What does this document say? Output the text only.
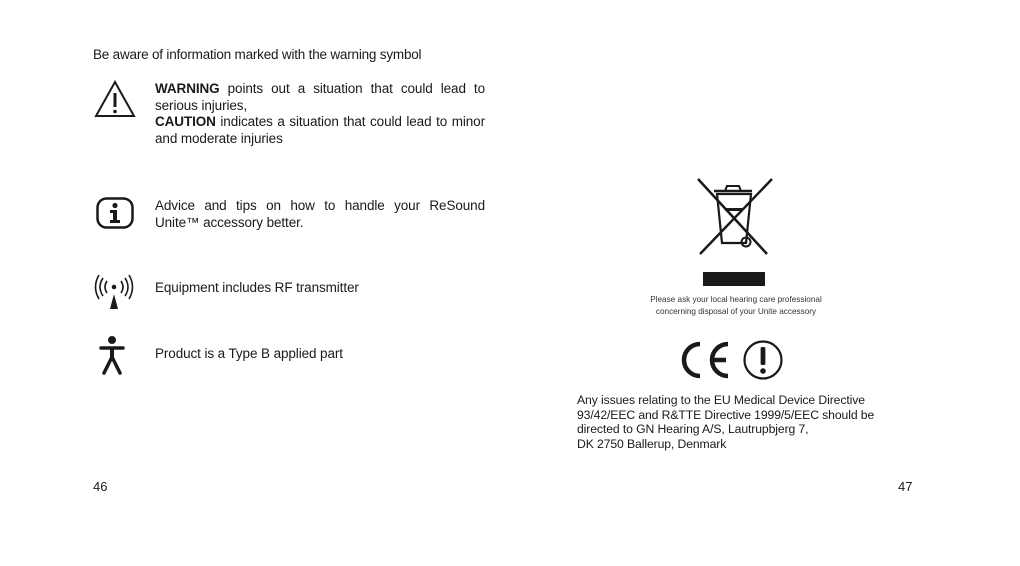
Be aware of information marked with the warning symbol
WARNING points out a situation that could lead to serious injuries,
CAUTION indicates a situation that could lead to minor and moderate injuries
Advice and tips on how to handle your ReSound Unite™ accessory better.
Equipment includes RF transmitter
Product is a Type B applied part
46
Please ask your local hearing care professional
concerning disposal of your Unite accessory
Any issues relating to the EU Medical Device Directive
93/42/EEC and R&TTE Directive 1999/5/EEC should be
directed to GN Hearing A/S, Lautrupbjerg 7,
DK 2750 Ballerup, Denmark
47
